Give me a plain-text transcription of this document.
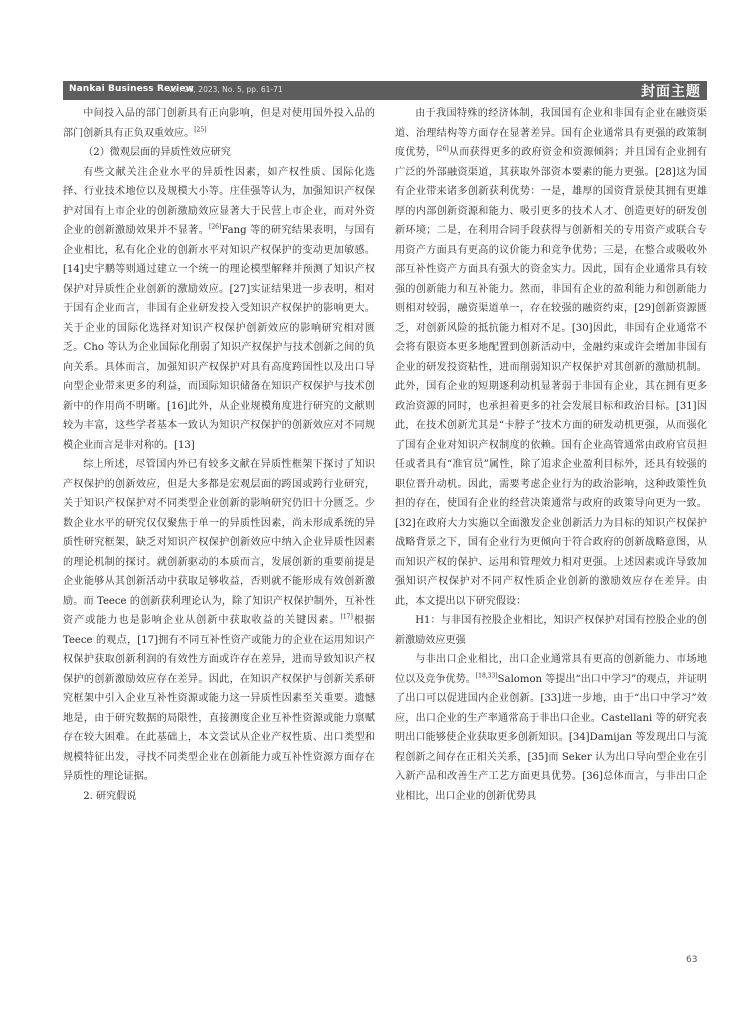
Nankai Business Review
Vol. 26, 2023, No. 5, pp. 61-71	封面主题

中间投入品的部门创新具有正向影响，但是对使用国外投入品的部门创新具有正负双重效应。[25]

（2）微观层面的异质性效应研究

有些文献关注企业水平的异质性因素，如产权性质、国际化选择、行业技术地位以及规模大小等。庄佳强等认为，加强知识产权保护对国有上市企业的创新激励效应显著大于民营上市企业，而对外资企业的创新激励效果并不显著。[26]Fang 等的研究结果表明，与国有企业相比，私有化企业的创新水平对知识产权保护的变动更加敏感。[14]史宇鹏等则通过建立一个统一的理论模型解释并预测了知识产权保护对异质性企业创新的激励效应。[27]实证结果进一步表明，相对于国有企业而言，非国有企业研发投入受知识产权保护的影响更大。关于企业的国际化选择对知识产权保护创新效应的影响研究相对匮乏。Cho 等认为企业国际化削弱了知识产权保护与技术创新之间的负向关系。具体而言，加强知识产权保护对具有高度跨国性以及出口导向型企业带来更多的利益，而国际知识储备在知识产权保护与技术创新中的作用尚不明晰。[16]此外，从企业规模角度进行研究的文献则较为丰富，这些学者基本一致认为知识产权保护的创新效应对不同规模企业而言是非对称的。[13]

综上所述，尽管国内外已有较多文献在异质性框架下探讨了知识产权保护的创新效应，但是大多都是宏观层面的跨国或跨行业研究，关于知识产权保护对不同类型企业创新的影响研究仍旧十分匮乏。少数企业水平的研究仅仅聚焦于单一的异质性因素，尚未形成系统的异质性研究框架，缺乏对知识产权保护创新效应中纳入企业异质性因素的理论机制的探讨。就创新驱动的本质而言，发展创新的重要前提是企业能够从其创新活动中获取足够收益，否则就不能形成有效创新激励。而 Teece 的创新获利理论认为，除了知识产权保护制外，互补性资产或能力也是影响企业从创新中获取收益的关键因素。[17]根据 Teece 的观点，[17]拥有不同互补性资产或能力的企业在运用知识产权保护获取创新利润的有效性方面或许存在差异，进而导致知识产权保护的创新激励效应存在差异。因此，在知识产权保护与创新关系研究框架中引入企业互补性资源或能力这一异质性因素至关重要。遗憾地是，由于研究数据的局限性，直接测度企业互补性资源或能力禀赋存在较大困难。在此基础上，本文尝试从企业产权性质、出口类型和规模特征出发，寻找不同类型企业在创新能力或互补性资源方面存在异质性的理论证据。

2. 研究假说

由于我国特殊的经济体制，我国国有企业和非国有企业在融资渠道、治理结构等方面存在显著差异。国有企业通常具有更强的政策制度优势，[26]从而获得更多的政府资金和资源倾斜；并且国有企业拥有广泛的外部融资渠道，其获取外部资本要素的能力更强。[28]这为国有企业带来诸多创新获利优势：一是，雄厚的国资背景使其拥有更雄厚的内部创新资源和能力、吸引更多的技术人才、创造更好的研发创新环境；二是，在利用合同手段获得与创新相关的专用资产或联合专用资产方面具有更高的议价能力和竞争优势；三是，在整合或吸收外部互补性资产方面具有强大的资金实力。因此，国有企业通常具有较强的创新能力和互补能力。然而，非国有企业的盈利能力和创新能力则相对较弱，融资渠道单一，存在较强的融资约束，[29]创新资源匮乏，对创新风险的抵抗能力相对不足。[30]因此，非国有企业通常不会将有限资本更多地配置到创新活动中，金融约束或许会增加非国有企业的研发投资粘性，进而削弱知识产权保护对其创新的激励机制。此外，国有企业的短期逐利动机显著弱于非国有企业，其在拥有更多政治资源的同时，也承担着更多的社会发展目标和政治目标。[31]因此，在技术创新尤其是“卡脖子”技术方面的研发动机更强，从而强化了国有企业对知识产权制度的依赖。国有企业高管通常由政府官员担任或者具有“准官员”属性，除了追求企业盈利目标外，还具有较强的职位晋升动机。因此，需要考虑企业行为的政治影响，这种政策性负担的存在，使国有企业的经营决策通常与政府的政策导向更为一致。[32]在政府大力实施以全面激发企业创新活力为目标的知识产权保护战略背景之下，国有企业行为更倾向于符合政府的创新战略意图，从而知识产权的保护、运用和管理效力相对更强。上述因素或许导致加强知识产权保护对不同产权性质企业创新的激励效应存在差异。由此，本文提出以下研究假设：

H1：与非国有控股企业相比，知识产权保护对国有控股企业的创新激励效应更强

与非出口企业相比，出口企业通常具有更高的创新能力、市场地位以及竞争优势。[18,33]Salomon 等提出“出口中学习”的观点，并证明了出口可以促进国内企业创新。[33]进一步地，由于“出口中学习”效应，出口企业的生产率通常高于非出口企业。Castellani 等的研究表明出口能够使企业获取更多创新知识。[34]Damijan 等发现出口与流程创新之间存在正相关关系，[35]而 Seker 认为出口导向型企业在引入新产品和改善生产工艺方面更具优势。[36]总体而言，与非出口企业相比，出口企业的创新优势具

63
